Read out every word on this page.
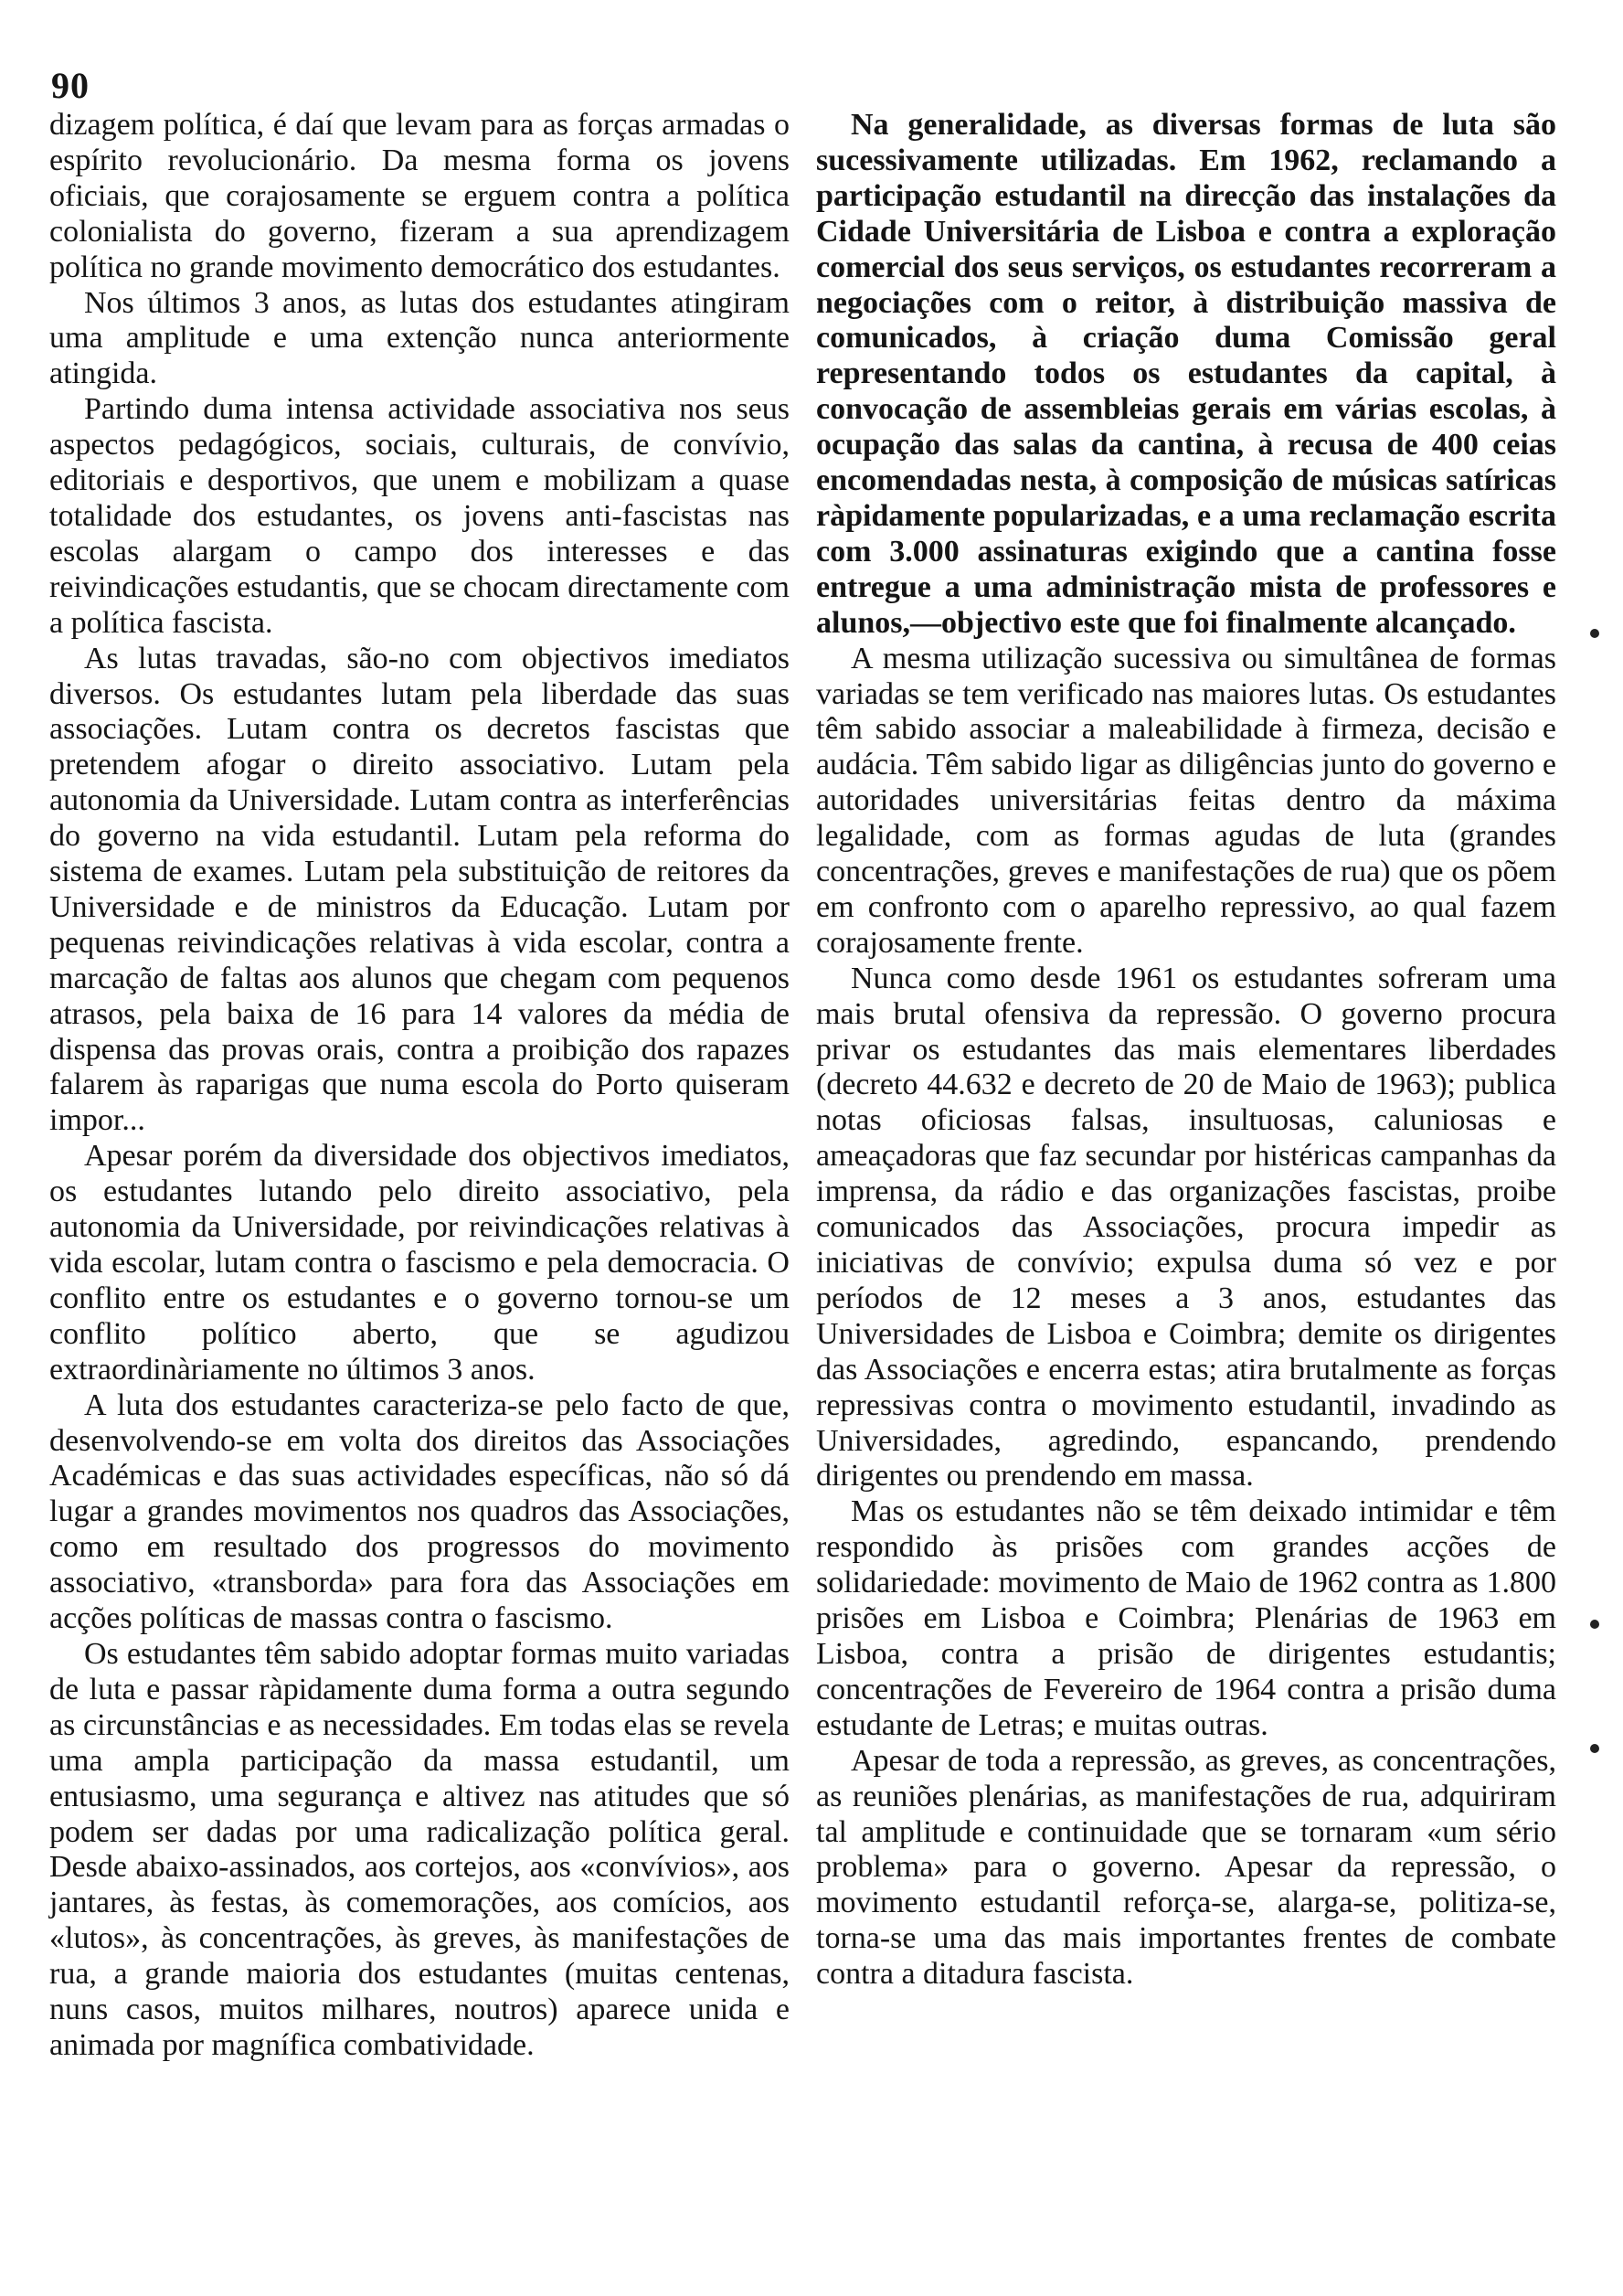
90

dizagem política, é daí que levam para as forças armadas o espírito revolucionário. Da mesma forma os jovens oficiais, que corajosamente se erguem contra a política colonialista do governo, fizeram a sua aprendizagem política no grande movimento democrático dos estudantes.

Nos últimos 3 anos, as lutas dos estudantes atingiram uma amplitude e uma extenção nunca anteriormente atingida.

Partindo duma intensa actividade associativa nos seus aspectos pedagógicos, sociais, culturais, de convívio, editoriais e desportivos, que unem e mobilizam a quase totalidade dos estudantes, os jovens anti-fascistas nas escolas alargam o campo dos interesses e das reivindicações estudantis, que se chocam directamente com a política fascista.

As lutas travadas, são-no com objectivos imediatos diversos. Os estudantes lutam pela liberdade das suas associações. Lutam contra os decretos fascistas que pretendem afogar o direito associativo. Lutam pela autonomia da Universidade. Lutam contra as interferências do governo na vida estudantil. Lutam pela reforma do sistema de exames. Lutam pela substituição de reitores da Universidade e de ministros da Educação. Lutam por pequenas reivindicações relativas à vida escolar, contra a marcação de faltas aos alunos que chegam com pequenos atrasos, pela baixa de 16 para 14 valores da média de dispensa das provas orais, contra a proibição dos rapazes falarem às raparigas que numa escola do Porto quiseram impor...

Apesar porém da diversidade dos objectivos imediatos, os estudantes lutando pelo direito associativo, pela autonomia da Universidade, por reivindicações relativas à vida escolar, lutam contra o fascismo e pela democracia. O conflito entre os estudantes e o governo tornou-se um conflito político aberto, que se agudizou extraordinàriamente no últimos 3 anos.

A luta dos estudantes caracteriza-se pelo facto de que, desenvolvendo-se em volta dos direitos das Associações Académicas e das suas actividades específicas, não só dá lugar a grandes movimentos nos quadros das Associações, como em resultado dos progressos do movimento associativo, «transborda» para fora das Associações em acções políticas de massas contra o fascismo.

Os estudantes têm sabido adoptar formas muito variadas de luta e passar ràpidamente duma forma a outra segundo as circunstâncias e as necessidades. Em todas elas se revela uma ampla participação da massa estudantil, um entusiasmo, uma segurança e altivez nas atitudes que só podem ser dadas por uma radicalização política geral. Desde abaixo-assinados, aos cortejos, aos «convívios», aos jantares, às festas, às comemorações, aos comícios, aos «lutos», às concentrações, às greves, às manifestações de rua, a grande maioria dos estudantes (muitas centenas, nuns casos, muitos milhares, noutros) aparece unida e animada por magnífica combatividade.

Na generalidade, as diversas formas de luta são sucessivamente utilizadas. Em 1962, reclamando a participação estudantil na direcção das instalações da Cidade Universitária de Lisboa e contra a exploração comercial dos seus serviços, os estudantes recorreram a negociações com o reitor, à distribuição massiva de comunicados, à criação duma Comissão geral representando todos os estudantes da capital, à convocação de assembleias gerais em várias escolas, à ocupação das salas da cantina, à recusa de 400 ceias encomendadas nesta, à composição de músicas satíricas ràpidamente popularizadas, e a uma reclamação escrita com 3.000 assinaturas exigindo que a cantina fosse entregue a uma administração mista de professores e alunos,—objectivo este que foi finalmente alcançado.

A mesma utilização sucessiva ou simultânea de formas variadas se tem verificado nas maiores lutas. Os estudantes têm sabido associar a maleabilidade à firmeza, decisão e audácia. Têm sabido ligar as diligências junto do governo e autoridades universitárias feitas dentro da máxima legalidade, com as formas agudas de luta (grandes concentrações, greves e manifestações de rua) que os põem em confronto com o aparelho repressivo, ao qual fazem corajosamente frente.

Nunca como desde 1961 os estudantes sofreram uma mais brutal ofensiva da repressão. O governo procura privar os estudantes das mais elementares liberdades (decreto 44.632 e decreto de 20 de Maio de 1963); publica notas oficiosas falsas, insultuosas, caluniosas e ameaçadoras que faz secundar por histéricas campanhas da imprensa, da rádio e das organizações fascistas, proibe comunicados das Associações, procura impedir as iniciativas de convívio; expulsa duma só vez e por períodos de 12 meses a 3 anos, estudantes das Universidades de Lisboa e Coimbra; demite os dirigentes das Associações e encerra estas; atira brutalmente as forças repressivas contra o movimento estudantil, invadindo as Universidades, agredindo, espancando, prendendo dirigentes ou prendendo em massa.

Mas os estudantes não se têm deixado intimidar e têm respondido às prisões com grandes acções de solidariedade: movimento de Maio de 1962 contra as 1.800 prisões em Lisboa e Coimbra; Plenárias de 1963 em Lisboa, contra a prisão de dirigentes estudantis; concentrações de Fevereiro de 1964 contra a prisão duma estudante de Letras; e muitas outras.

Apesar de toda a repressão, as greves, as concentrações, as reuniões plenárias, as manifestações de rua, adquiriram tal amplitude e continuidade que se tornaram «um sério problema» para o governo. Apesar da repressão, o movimento estudantil reforça-se, alarga-se, politiza-se, torna-se uma das mais importantes frentes de combate contra a ditadura fascista.
